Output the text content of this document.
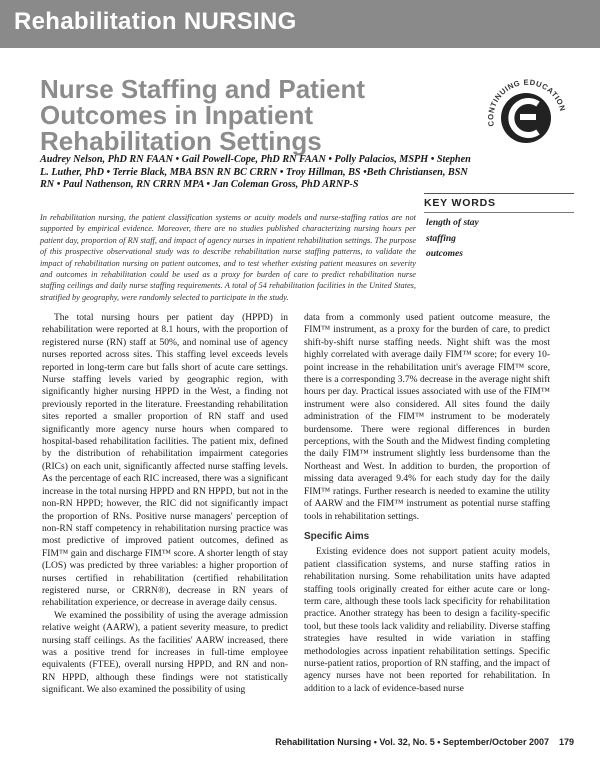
Rehabilitation NURSING
Nurse Staffing and Patient Outcomes in Inpatient Rehabilitation Settings
CONTINUING EDUCATION

Audrey Nelson, PhD RN FAAN • Gail Powell-Cope, PhD RN FAAN • Polly Palacios, MSPH • Stephen L. Luther, PhD • Terrie Black, MBA BSN RN BC CRRN • Troy Hillman, BS •Beth Christiansen, BSN RN • Paul Nathenson, RN CRRN MPA • Jan Coleman Gross, PhD ARNP-S

KEY WORDS
length of stay
staffing
outcomes

In rehabilitation nursing, the patient classification systems or acuity models and nurse-staffing ratios are not supported by empirical evidence. Moreover, there are no studies published characterizing nursing hours per patient day, proportion of RN staff, and impact of agency nurses in inpatient rehabilitation settings. The purpose of this prospective observational study was to describe rehabilitation nurse staffing patterns, to validate the impact of rehabilitation nursing on patient outcomes, and to test whether existing patient measures on severity and outcomes in rehabilitation could be used as a proxy for burden of care to predict rehabilitation nurse staffing ceilings and daily nurse staffing requirements. A total of 54 rehabilitation facilities in the United States, stratified by geography, were randomly selected to participate in the study.

The total nursing hours per patient day (HPPD) in rehabilitation were reported at 8.1 hours, with the proportion of registered nurse (RN) staff at 50%, and nominal use of agency nurses reported across sites. This staffing level exceeds levels reported in long-term care but falls short of acute care settings. Nurse staffing levels varied by geographic region, with significantly higher nursing HPPD in the West, a finding not previously reported in the literature. Freestanding rehabilitation sites reported a smaller proportion of RN staff and used significantly more agency nurse hours when compared to hospital-based rehabilitation facilities. The patient mix, defined by the distribution of rehabilitation impairment categories (RICs) on each unit, significantly affected nurse staffing levels. As the percentage of each RIC increased, there was a significant increase in the total nursing HPPD and RN HPPD, but not in the non-RN HPPD; however, the RIC did not significantly impact the proportion of RNs. Positive nurse managers' perception of non-RN staff competency in rehabilitation nursing practice was most predictive of improved patient outcomes, defined as FIM™ gain and discharge FIM™ score. A shorter length of stay (LOS) was predicted by three variables: a higher proportion of nurses certified in rehabilitation (certified rehabilitation registered nurse, or CRRN®), decrease in RN years of rehabilitation experience, or decrease in average daily census.

We examined the possibility of using the average admission relative weight (AARW), a patient severity measure, to predict nursing staff ceilings. As the facilities' AARW increased, there was a positive trend for increases in full-time employee equivalents (FTEE), overall nursing HPPD, and RN and non-RN HPPD, although these findings were not statistically significant. We also examined the possibility of using

data from a commonly used patient outcome measure, the FIM™ instrument, as a proxy for the burden of care, to predict shift-by-shift nurse staffing needs. Night shift was the most highly correlated with average daily FIM™ score; for every 10-point increase in the rehabilitation unit's average FIM™ score, there is a corresponding 3.7% decrease in the average night shift hours per day. Practical issues associated with use of the FIM™ instrument were also considered. All sites found the daily administration of the FIM™ instrument to be moderately burdensome. There were regional differences in burden perceptions, with the South and the Midwest finding completing the daily FIM™ instrument slightly less burdensome than the Northeast and West. In addition to burden, the proportion of missing data averaged 9.4% for each study day for the daily FIM™ ratings. Further research is needed to examine the utility of AARW and the FIM™ instrument as potential nurse staffing tools in rehabilitation settings.

Specific Aims

Existing evidence does not support patient acuity models, patient classification systems, and nurse staffing ratios in rehabilitation nursing. Some rehabilitation units have adapted staffing tools originally created for either acute care or long-term care, although these tools lack specificity for rehabilitation practice. Another strategy has been to design a facility-specific tool, but these tools lack validity and reliability. Diverse staffing strategies have resulted in wide variation in staffing methodologies across inpatient rehabilitation settings. Specific nurse-patient ratios, proportion of RN staffing, and the impact of agency nurses have not been reported for rehabilitation. In addition to a lack of evidence-based nurse

Rehabilitation Nursing • Vol. 32, No. 5 • September/October 2007 179
